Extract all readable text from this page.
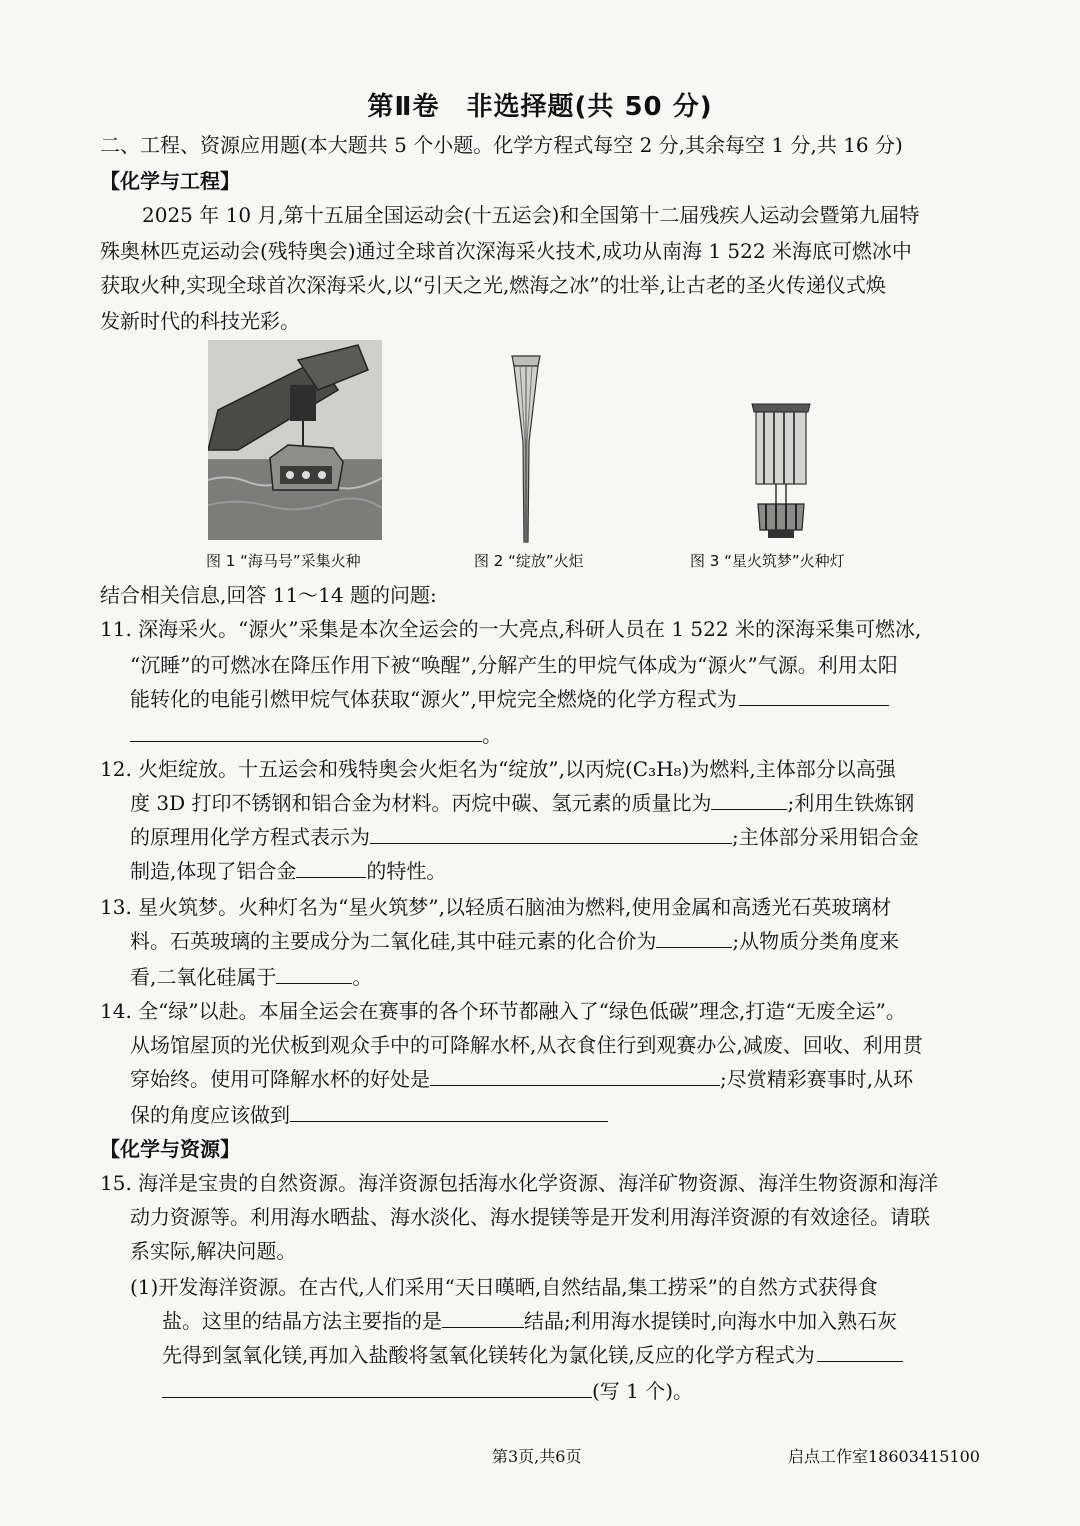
第Ⅱ卷　非选择题(共 50 分)
二、工程、资源应用题(本大题共 5 个小题。化学方程式每空 2 分,其余每空 1 分,共 16 分)
【化学与工程】
2025 年 10 月,第十五届全国运动会(十五运会)和全国第十二届残疾人运动会暨第九届特
殊奥林匹克运动会(残特奥会)通过全球首次深海采火技术,成功从南海 1 522 米海底可燃冰中
获取火种,实现全球首次深海采火,以“引天之光,燃海之冰”的壮举,让古老的圣火传递仪式焕
发新时代的科技光彩。
图 1 “海马号”采集火种	图 2 “绽放”火炬	图 3 “星火筑梦”火种灯
结合相关信息,回答 11～14 题的问题:
11. 深海采火。“源火”采集是本次全运会的一大亮点,科研人员在 1 522 米的深海采集可燃冰,
“沉睡”的可燃冰在降压作用下被“唤醒”,分解产生的甲烷气体成为“源火”气源。利用太阳
能转化的电能引燃甲烷气体获取“源火”,甲烷完全燃烧的化学方程式为
。
12. 火炬绽放。十五运会和残特奥会火炬名为“绽放”,以丙烷(C₃H₈)为燃料,主体部分以高强
度 3D 打印不锈钢和铝合金为材料。丙烷中碳、氢元素的质量比为	;利用生铁炼钢
的原理用化学方程式表示为	;主体部分采用铝合金
制造,体现了铝合金	的特性。
13. 星火筑梦。火种灯名为“星火筑梦”,以轻质石脑油为燃料,使用金属和高透光石英玻璃材
料。石英玻璃的主要成分为二氧化硅,其中硅元素的化合价为	;从物质分类角度来
看,二氧化硅属于	。
14. 全“绿”以赴。本届全运会在赛事的各个环节都融入了“绿色低碳”理念,打造“无废全运”。
从场馆屋顶的光伏板到观众手中的可降解水杯,从衣食住行到观赛办公,减废、回收、利用贯
穿始终。使用可降解水杯的好处是	;尽赏精彩赛事时,从环
保的角度应该做到
【化学与资源】
15. 海洋是宝贵的自然资源。海洋资源包括海水化学资源、海洋矿物资源、海洋生物资源和海洋
动力资源等。利用海水晒盐、海水淡化、海水提镁等是开发利用海洋资源的有效途径。请联
系实际,解决问题。
(1)开发海洋资源。在古代,人们采用“天日暵晒,自然结晶,集工捞采”的自然方式获得食
盐。这里的结晶方法主要指的是	结晶;利用海水提镁时,向海水中加入熟石灰
先得到氢氧化镁,再加入盐酸将氢氧化镁转化为氯化镁,反应的化学方程式为
(写 1 个)。
第3页,共6页	启点工作室18603415100
